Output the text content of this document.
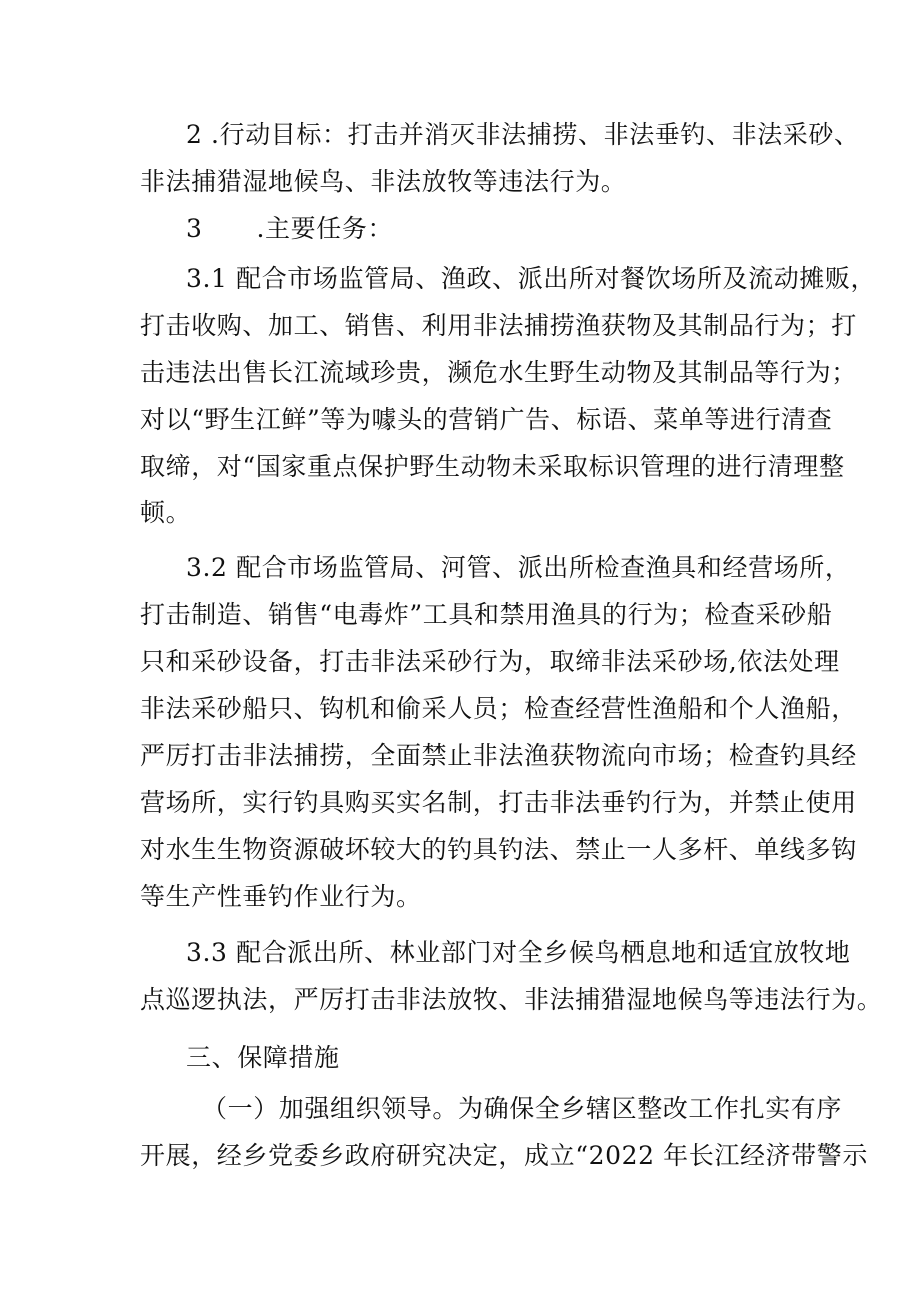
2 .行动目标：打击并消灭非法捕捞、非法垂钓、非法采砂、
非法捕猎湿地候鸟、非法放牧等违法行为。
3 .主要任务：
3.1 配合市场监管局、渔政、派出所对餐饮场所及流动摊贩，
打击收购、加工、销售、利用非法捕捞渔获物及其制品行为；打
击违法出售长江流域珍贵，濒危水生野生动物及其制品等行为；
对以“野生江鲜”等为噱头的营销广告、标语、菜单等进行清查
取缔，对“国家重点保护野生动物未采取标识管理的进行清理整
顿。
3.2 配合市场监管局、河管、派出所检查渔具和经营场所，
打击制造、销售“电毒炸”工具和禁用渔具的行为；检查采砂船
只和采砂设备，打击非法采砂行为，取缔非法采砂场,依法处理
非法采砂船只、钩机和偷采人员；检查经营性渔船和个人渔船，
严厉打击非法捕捞，全面禁止非法渔获物流向市场；检查钓具经
营场所，实行钓具购买实名制，打击非法垂钓行为，并禁止使用
对水生生物资源破坏较大的钓具钓法、禁止一人多杆、单线多钩
等生产性垂钓作业行为。
3.3 配合派出所、林业部门对全乡候鸟栖息地和适宜放牧地
点巡逻执法，严厉打击非法放牧、非法捕猎湿地候鸟等违法行为。
三、保障措施
（一）加强组织领导。为确保全乡辖区整改工作扎实有序
开展，经乡党委乡政府研究决定，成立“2022 年长江经济带警示
